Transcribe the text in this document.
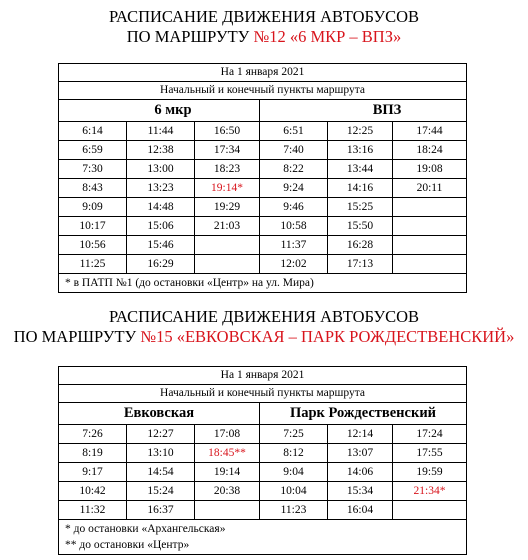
РАСПИСАНИЕ ДВИЖЕНИЯ АВТОБУСОВ
ПО МАРШРУТУ №12 «6 МКР – ВПЗ»
На 1 января 2021					
Начальный и конечный пункты маршрута					
6 мкр			ВПЗ		
6:14	11:44	16:50	6:51	12:25	17:44
6:59	12:38	17:34	7:40	13:16	18:24
7:30	13:00	18:23	8:22	13:44	19:08
8:43	13:23	19:14*	9:24	14:16	20:11
9:09	14:48	19:29	9:46	15:25	
10:17	15:06	21:03	10:58	15:50	
10:56	15:46		11:37	16:28	
11:25	16:29		12:02	17:13	
* в ПАТП №1 (до остановки «Центр» на ул. Мира)					
РАСПИСАНИЕ ДВИЖЕНИЯ АВТОБУСОВ
ПО МАРШРУТУ №15 «ЕВКОВСКАЯ – ПАРК РОЖДЕСТВЕНСКИЙ»
На 1 января 2021					
Начальный и конечный пункты маршрута					
Евковская			Парк Рождественский		
7:26	12:27	17:08	7:25	12:14	17:24
8:19	13:10	18:45**	8:12	13:07	17:55
9:17	14:54	19:14	9:04	14:06	19:59
10:42	15:24	20:38	10:04	15:34	21:34*
11:32	16:37		11:23	16:04	

* до остановки «Архангельская»
** до остановки «Центр»					
